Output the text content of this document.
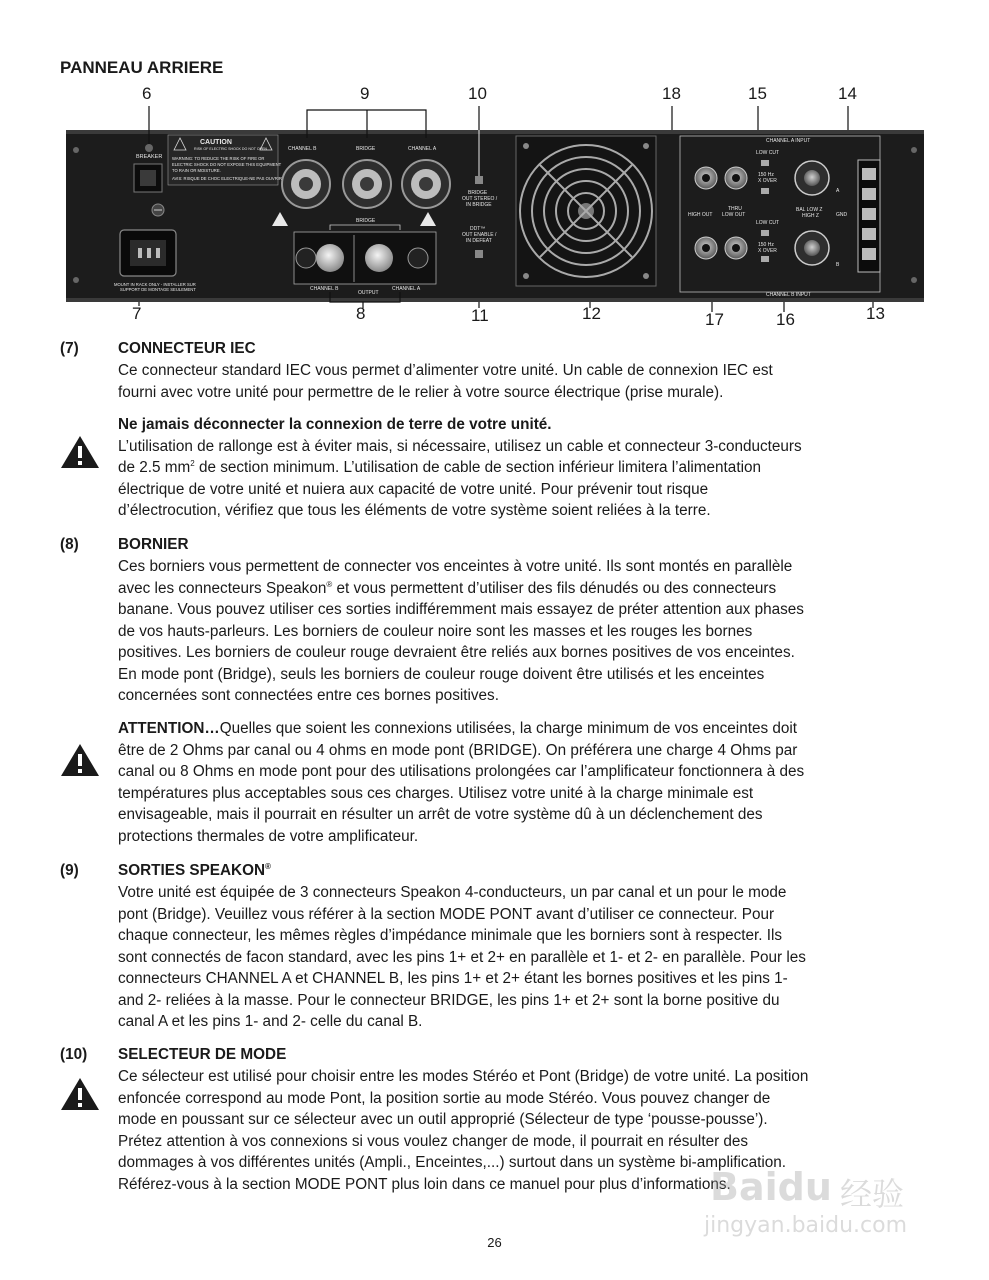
PANNEAU ARRIERE
6	9	10	18	15	14
7	8	11	12	17	16	13
BREAKER
CAUTION
RISK OF ELECTRIC SHOCK DO NOT OPEN
WARNING: TO REDUCE THE RISK OF FIRE OR
ELECTRIC SHOCK DO NOT EXPOSE THIS EQUIPMENT
TO RAIN OR MOISTURE.
AVIS: RISQUE DE CHOC ELECTRIQUE-NE PAS OUVRIR
MOUNT IN RACK ONLY - INSTALLER SUR
SUPPORT DE MONTAGE SEULEMENT
CHANNEL B	BRIDGE	CHANNEL A
BRIDGE
CHANNEL B
OUTPUT
CHANNEL A
BRIDGE
OUT STEREO /
IN BRIDGE
DDT™
OUT ENABLE /
IN DEFEAT
CHANNEL A INPUT
CHANNEL B INPUT
LOW CUT
LOW CUT
150 Hz
X OVER
150 Hz
X OVER
HIGH OUT
THRU
LOW OUT
BAL LOW Z
HIGH Z
A
B
GND
(7)	CONNECTEUR IEC
Ce connecteur standard IEC vous permet d’alimenter votre unité. Un cable de connexion IEC est
fourni avec votre unité pour permettre de le relier à votre source électrique (prise murale).
Ne jamais déconnecter la connexion de terre de votre unité.
L’utilisation de rallonge est à éviter mais, si nécessaire, utilisez un cable et connecteur 3-conducteurs
de 2.5 $mm^2$ de section minimum. L’utilisation de cable de section inférieur limitera l’alimentation
électrique de votre unité et nuiera aux capacité de votre unité. Pour prévenir tout risque
d’électrocution, vérifiez que tous les éléments de votre système soient reliées à la terre.
(8)	BORNIER
Ces borniers vous permettent de connecter vos enceintes à votre unité. Ils sont montés en parallèle
avec les connecteurs Speakon® et vous permettent d’utiliser des fils dénudés ou des connecteurs
banane. Vous pouvez utiliser ces sorties indifféremment mais essayez de préter attention aux phases
de vos hauts-parleurs. Les borniers de couleur noire sont les masses et les rouges les bornes
positives. Les borniers de couleur rouge devraient être reliés aux bornes positives de vos enceintes.
En mode pont (Bridge), seuls les borniers de couleur rouge doivent être utilisés et les enceintes
concernées sont connectées entre ces bornes positives.
ATTENTION…Quelles que soient les connexions utilisées, la charge minimum de vos enceintes doit
être de 2 Ohms par canal ou 4 ohms en mode pont (BRIDGE). On préférera une charge 4 Ohms par
canal ou 8 Ohms en mode pont pour des utilisations prolongées car l’amplificateur fonctionnera à des
températures plus acceptables sous ces charges. Utilisez votre unité à la charge minimale est
envisageable, mais il pourrait en résulter un arrêt de votre système dû à un déclenchement des
protections thermales de votre amplificateur.
(9)	SORTIES SPEAKON®
Votre unité est équipée de 3 connecteurs Speakon 4-conducteurs, un par canal et un pour le mode
pont (Bridge). Veuillez vous référer à la section MODE PONT avant d’utiliser ce connecteur. Pour
chaque connecteur, les mêmes règles d’impédance minimale que les borniers sont à respecter. Ils
sont connectés de facon standard, avec les pins 1+ et 2+ en parallèle et 1- et 2- en parallèle. Pour les
connecteurs CHANNEL A et CHANNEL B, les pins 1+ et 2+ étant les bornes positives et les pins 1-
and 2- reliées à la masse. Pour le connecteur BRIDGE, les pins 1+ et 2+ sont la borne positive du
canal A et les pins 1- and 2- celle du canal B.
(10) SELECTEUR DE MODE
Ce sélecteur est utilisé pour choisir entre les modes Stéréo et Pont (Bridge) de votre unité. La position
enfoncée correspond au mode Pont, la position sortie au mode Stéréo. Vous pouvez changer de
mode en poussant sur ce sélecteur avec un outil approprié (Sélecteur de type ‘pousse-pousse’).
Prétez attention à vos connexions si vous voulez changer de mode, il pourrait en résulter des
dommages à vos différentes unités (Ampli., Enceintes,...) surtout dans un système bi-amplification.
Référez-vous à la section MODE PONT plus loin dans ce manuel pour plus d’informations.
Baidu 经验
jingyan.baidu.com
26
